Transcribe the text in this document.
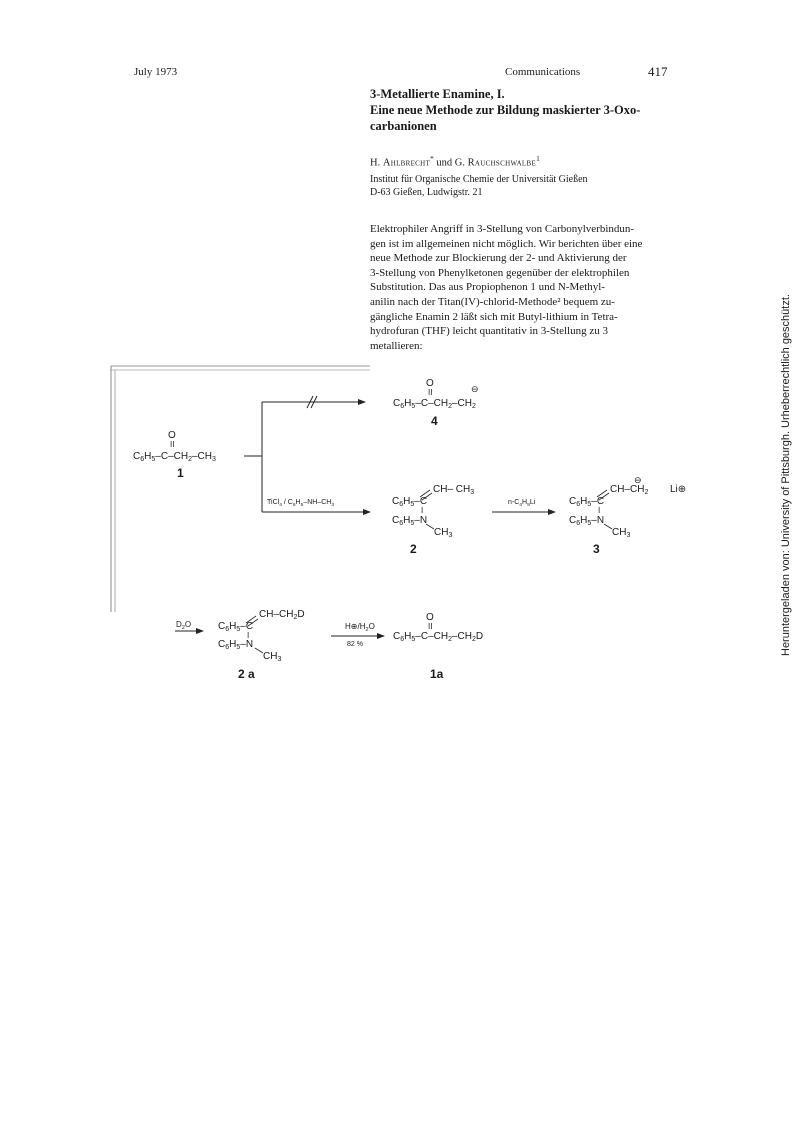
July 1973	Communications	417
3-Metallierte Enamine, I.
Eine neue Methode zur Bildung maskierter 3-Oxo-
carbanionen
H. Ahlbrecht* und G. Rauchschwalbe$^1$
Institut für Organische Chemie der Universität Gießen
D-63 Gießen, Ludwigstr. 21
Elektrophiler Angriff in 3-Stellung von Carbonylverbindun-
gen ist im allgemeinen nicht möglich. Wir berichten über eine
neue Methode zur Blockierung der 2- und Aktivierung der
3-Stellung von Phenylketonen gegenüber der elektrophilen
Substitution. Das aus Propiophenon 1 und N-Methyl-
anilin nach der Titan(IV)-chlorid-Methode² bequem zu-
gängliche Enamin 2 läßt sich mit Butyl-lithium in Tetra-
hydrofuran (THF) leicht quantitativ in 3-Stellung zu 3
metallieren:
O
II
$C_6H_5-C-CH_2-CH_3$
1
O	⊖
II
$C_6H_5-C-CH_2-CH_2$
4
TiCl$_4$ / $C_6H_5-NH-CH_3$
CH– $CH_3$
$C_6H_5-C$
I
$C_6H_5-N$
$CH_3$
2
$n-C_4H_9Li$
⊖
$CH-CH_2$ Li⊕
$C_6H_5-C$
I
$C_6H_5-N$
$CH_3$
3
$D_2O$
$CH-CH_2D$
$C_6H_5-C$
I
$C_6H_5-N$
$CH_3$
2 a
$H\oplus/H_2O$
82 %
O
II
$C_6H_5-C-CH_2-CH_2D$
1a
Heruntergeladen von: University of Pittsburgh. Urheberrechtlich geschützt.
